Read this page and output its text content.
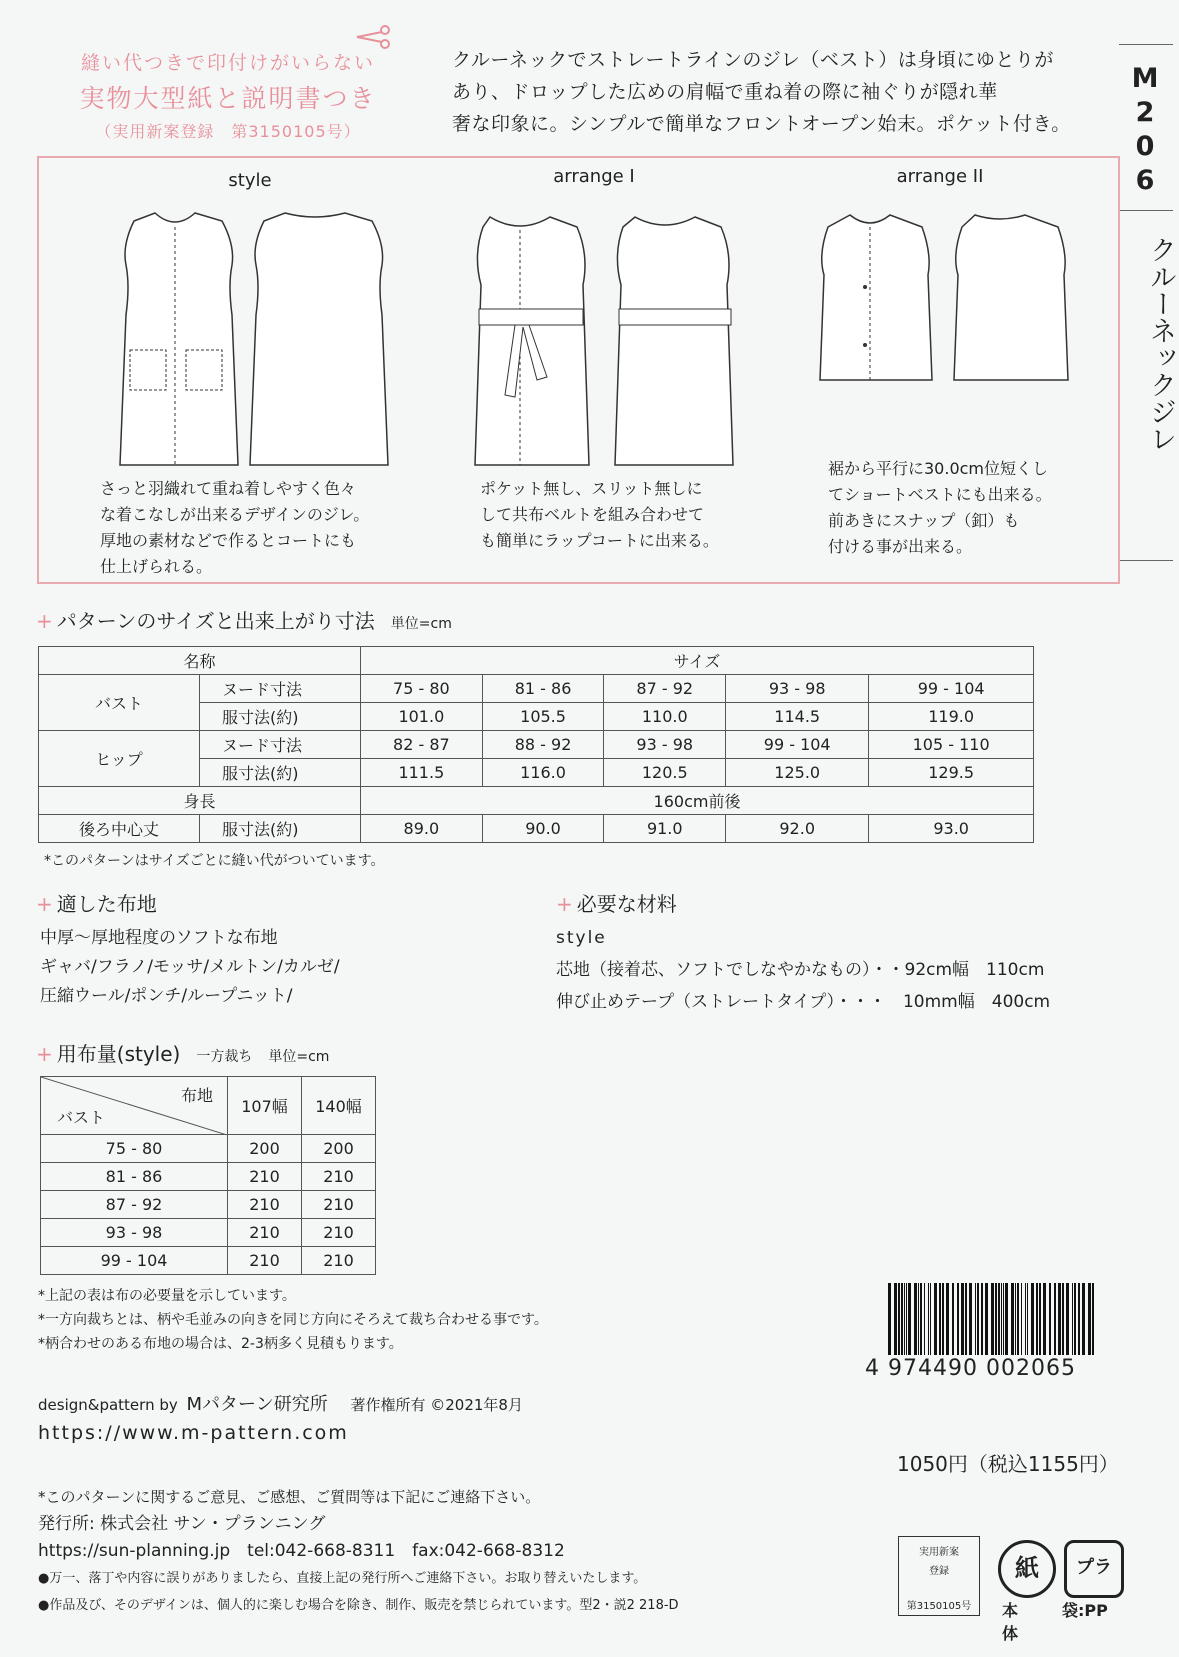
縫い代つきで印付けがいらない
実物大型紙と説明書つき
（実用新案登録　第3150105号）
クルーネックでストレートラインのジレ（ベスト）は身頃にゆとりが
あり、ドロップした広めの肩幅で重ね着の際に袖ぐりが隠れ華
奢な印象に。シンプルで簡単なフロントオープン始末。ポケット付き。
M
2
0
6
クルーネックジレ
style	arrange I	arrange II
さっと羽織れて重ね着しやすく色々
な着こなしが出来るデザインのジレ。
厚地の素材などで作るとコートにも
仕上げられる。
ポケット無し、スリット無しに
して共布ベルトを組み合わせて
も簡単にラップコートに出来る。
裾から平行に30.0cm位短くし
てショートベストにも出来る。
前あきにスナップ（釦）も
付ける事が出来る。
+ パターンのサイズと出来上がり寸法 単位=cm
名称		サイズ				
バスト	ヌード寸法	75 - 80	81 - 86	87 - 92	93 - 98	99 - 104
	服寸法(約)	101.0	105.5	110.0	114.5	119.0
ヒップ	ヌード寸法	82 - 87	88 - 92	93 - 98	99 - 104	105 - 110
	服寸法(約)	111.5	116.0	120.5	125.0	129.5
身長		160cm前後				
後ろ中心丈	服寸法(約)	89.0	90.0	91.0	92.0	93.0
*このパターンはサイズごとに縫い代がついています。
+ 適した布地
中厚～厚地程度のソフトな布地
ギャバ/フラノ/モッサ/メルトン/カルゼ/
圧縮ウール/ポンチ/ループニット/
+ 必要な材料
style
芯地（接着芯、ソフトでしなやかなもの）・・92cm幅　 110cm
伸び止めテープ（ストレートタイプ）・・・　 10mm幅　 400cm
+ 用布量(style) 一方裁ち 単位=cm
布地
バスト	107幅	140幅
75 - 80	200	200
81 - 86	210	210
87 - 92	210	210
93 - 98	210	210
99 - 104	210	210
*上記の表は布の必要量を示しています。
*一方向裁ちとは、柄や毛並みの向きを同じ方向にそろえて裁ち合わせる事です。
*柄合わせのある布地の場合は、2-3柄多く見積もります。
4 974490 002065
design&pattern by Mパターン研究所 著作権所有 ©2021年8月
https://www.m-pattern.com
1050円（税込1155円）
*このパターンに関するご意見、ご感想、ご質問等は下記にご連絡下さい。
発行所: 株式会社 サン・プランニング
https://sun-planning.jp　tel:042-668-8311　fax:042-668-8312
●万一、落丁や内容に誤りがありましたら、直接上記の発行所へご連絡下さい。お取り替えいたします。
●作品及び、そのデザインは、個人的に楽しむ場合を除き、制作、販売を禁じられています。型2・説2 218-D
実用新案
登録
第3150105号
紙
本体
プラ
袋:PP
